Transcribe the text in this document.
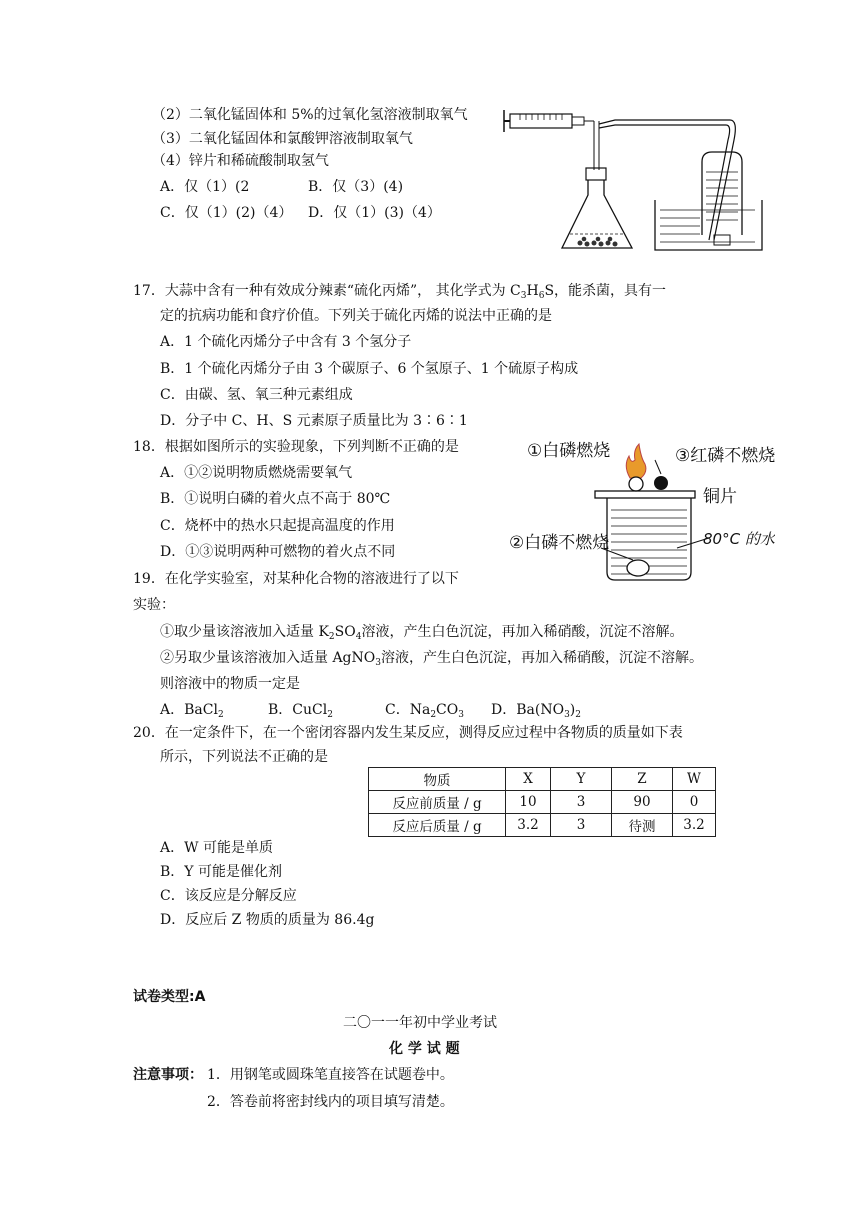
（2）二氧化锰固体和 5%的过氧化氢溶液制取氧气
（3）二氧化锰固体和氯酸钾溶液制取氧气
（4）锌片和稀硫酸制取氢气
A．仅（1）(2	B．仅（3）(4)
C．仅（1）(2)（4） D．仅（1）(3)（4）
17．大蒜中含有一种有效成分辣素“硫化丙烯”， 其化学式为 $C_3H_6S$，能杀菌，具有一
定的抗病功能和食疗价值。下列关于硫化丙烯的说法中正确的是
A．1 个硫化丙烯分子中含有 3 个氢分子
B．1 个硫化丙烯分子由 3 个碳原子、6 个氢原子、1 个硫原子构成
C．由碳、氢、氧三种元素组成
D．分子中 C、H、S 元素原子质量比为 3∶6∶1
18．根据如图所示的实验现象，下列判断不正确的是
A．①②说明物质燃烧需要氧气
B．①说明白磷的着火点不高于 80℃
C．烧杯中的热水只起提高温度的作用
D．①③说明两种可燃物的着火点不同
①白磷燃烧	③红磷不燃烧
铜片
②白磷不燃烧	80°C 的水
19．在化学实验室，对某种化合物的溶液进行了以下
实验：
①取少量该溶液加入适量 $K_2SO_4$溶液，产生白色沉淀，再加入稀硝酸，沉淀不溶解。
②另取少量该溶液加入适量 AgNO$_3$溶液，产生白色沉淀，再加入稀硝酸，沉淀不溶解。
则溶液中的物质一定是
A．BaCl$_2$	B．CuCl$_2$	C．$Na_2CO_3$ D．$Ba(NO_3)_2$
20．在一定条件下，在一个密闭容器内发生某反应，测得反应过程中各物质的质量如下表
所示，下列说法不正确的是
物质	X	Y	Z	W
反应前质量 / g	10	3	90	0
反应后质量 / g	3.2	3	待测	3.2
A．W 可能是单质
B．Y 可能是催化剂
C．该反应是分解反应
D．反应后 Z 物质的质量为 86.4g
试卷类型:A
二〇一一年初中学业考试
化 学 试 题
注意事项： 1．用钢笔或圆珠笔直接答在试题卷中。
2．答卷前将密封线内的项目填写清楚。
